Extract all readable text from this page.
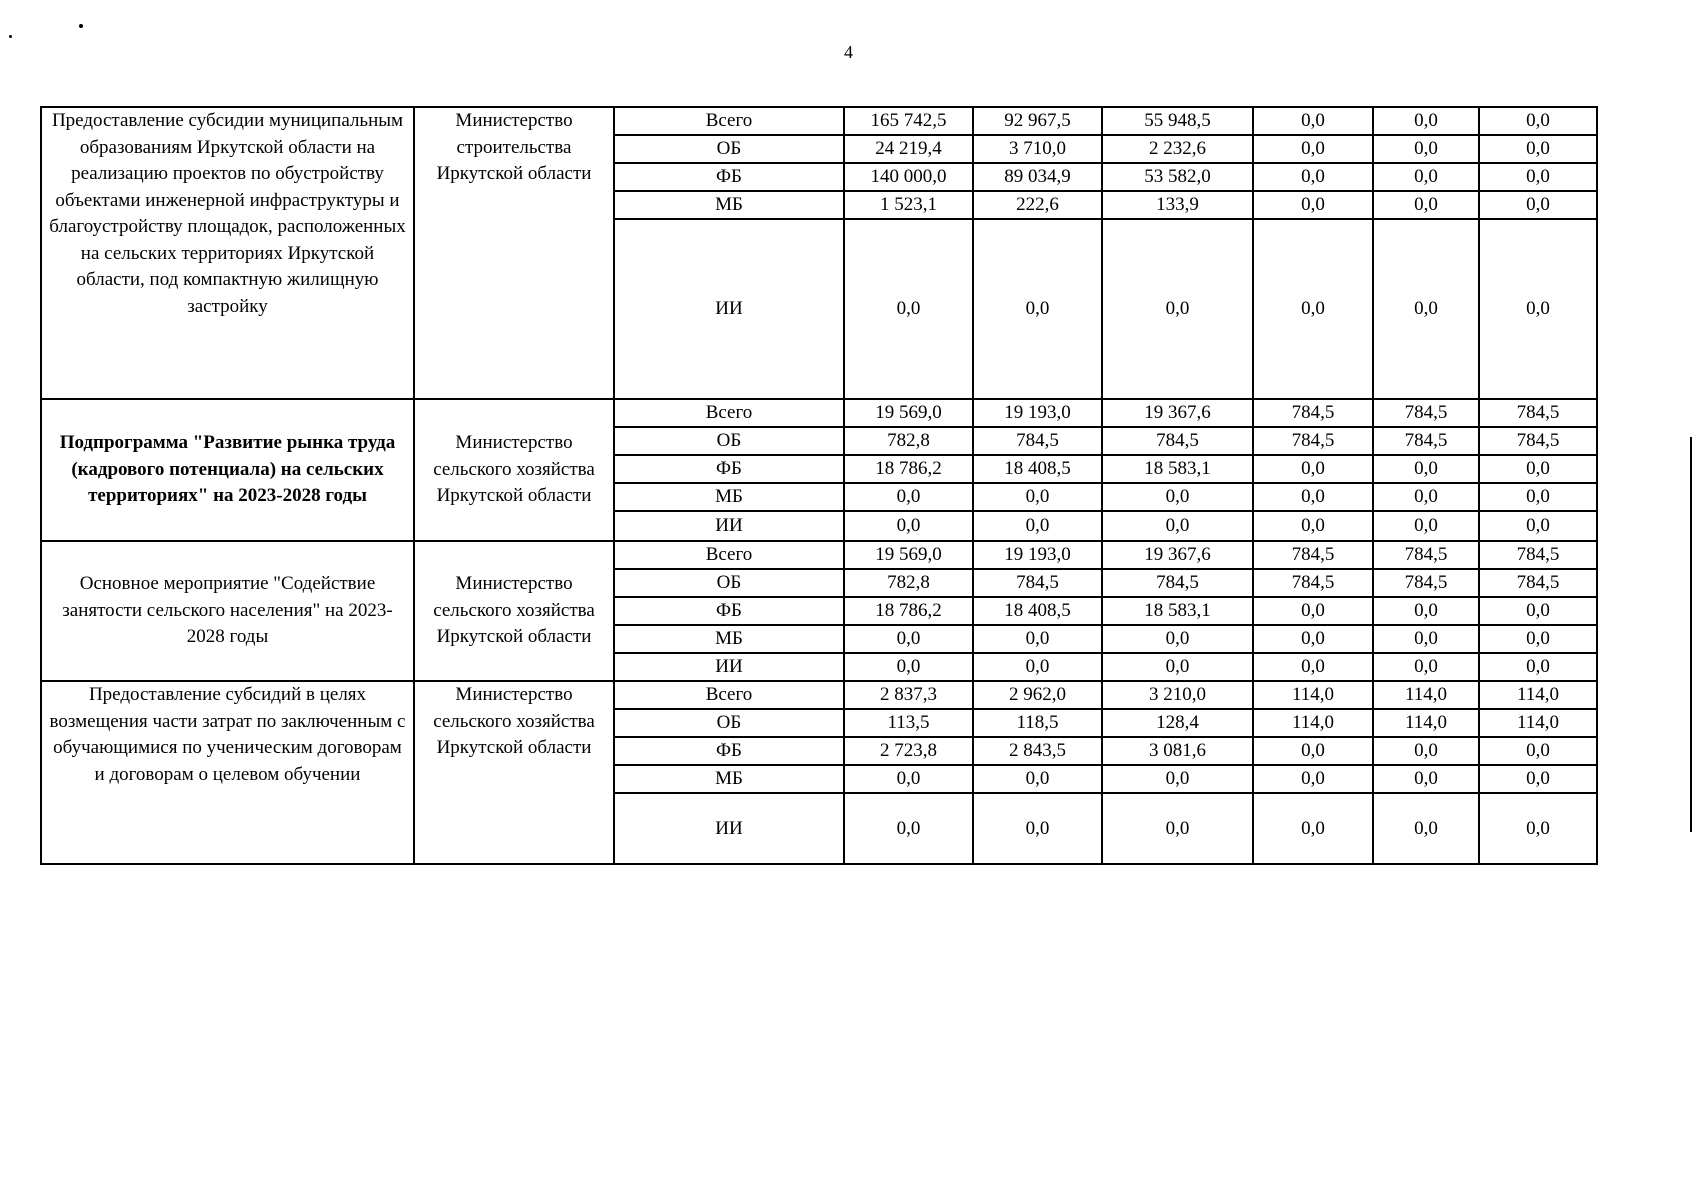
4
Предоставление субсидии муниципальным образованиям Иркутской области на реализацию проектов по обустройству объектами инженерной инфраструктуры и благоустройству площадок, расположенных на сельских территориях Иркутской области, под компактную жилищную застройку	Министерство строительства Иркутской области	Всего	165 742,5	92 967,5	55 948,5	0,0	0,0	0,0
		ОБ	24 219,4	3 710,0	2 232,6	0,0	0,0	0,0
		ФБ	140 000,0	89 034,9	53 582,0	0,0	0,0	0,0
		МБ	1 523,1	222,6	133,9	0,0	0,0	0,0
		ИИ	0,0	0,0	0,0	0,0	0,0	0,0
Подпрограмма "Развитие рынка труда (кадрового потенциала) на сельских территориях" на 2023-2028 годы	Министерство сельского хозяйства Иркутской области	Всего	19 569,0	19 193,0	19 367,6	784,5	784,5	784,5
		ОБ	782,8	784,5	784,5	784,5	784,5	784,5
		ФБ	18 786,2	18 408,5	18 583,1	0,0	0,0	0,0
		МБ	0,0	0,0	0,0	0,0	0,0	0,0
		ИИ	0,0	0,0	0,0	0,0	0,0	0,0
Основное мероприятие "Содействие занятости сельского населения" на 2023- 2028 годы	Министерство сельского хозяйства Иркутской области	Всего	19 569,0	19 193,0	19 367,6	784,5	784,5	784,5
		ОБ	782,8	784,5	784,5	784,5	784,5	784,5
		ФБ	18 786,2	18 408,5	18 583,1	0,0	0,0	0,0
		МБ	0,0	0,0	0,0	0,0	0,0	0,0
		ИИ	0,0	0,0	0,0	0,0	0,0	0,0
Предоставление субсидий в целях возмещения части затрат по заключенным с обучающимися по ученическим договорам и договорам о целевом обучении	Министерство сельского хозяйства Иркутской области	Всего	2 837,3	2 962,0	3 210,0	114,0	114,0	114,0
		ОБ	113,5	118,5	128,4	114,0	114,0	114,0
		ФБ	2 723,8	2 843,5	3 081,6	0,0	0,0	0,0
		МБ	0,0	0,0	0,0	0,0	0,0	0,0
		ИИ	0,0	0,0	0,0	0,0	0,0	0,0
